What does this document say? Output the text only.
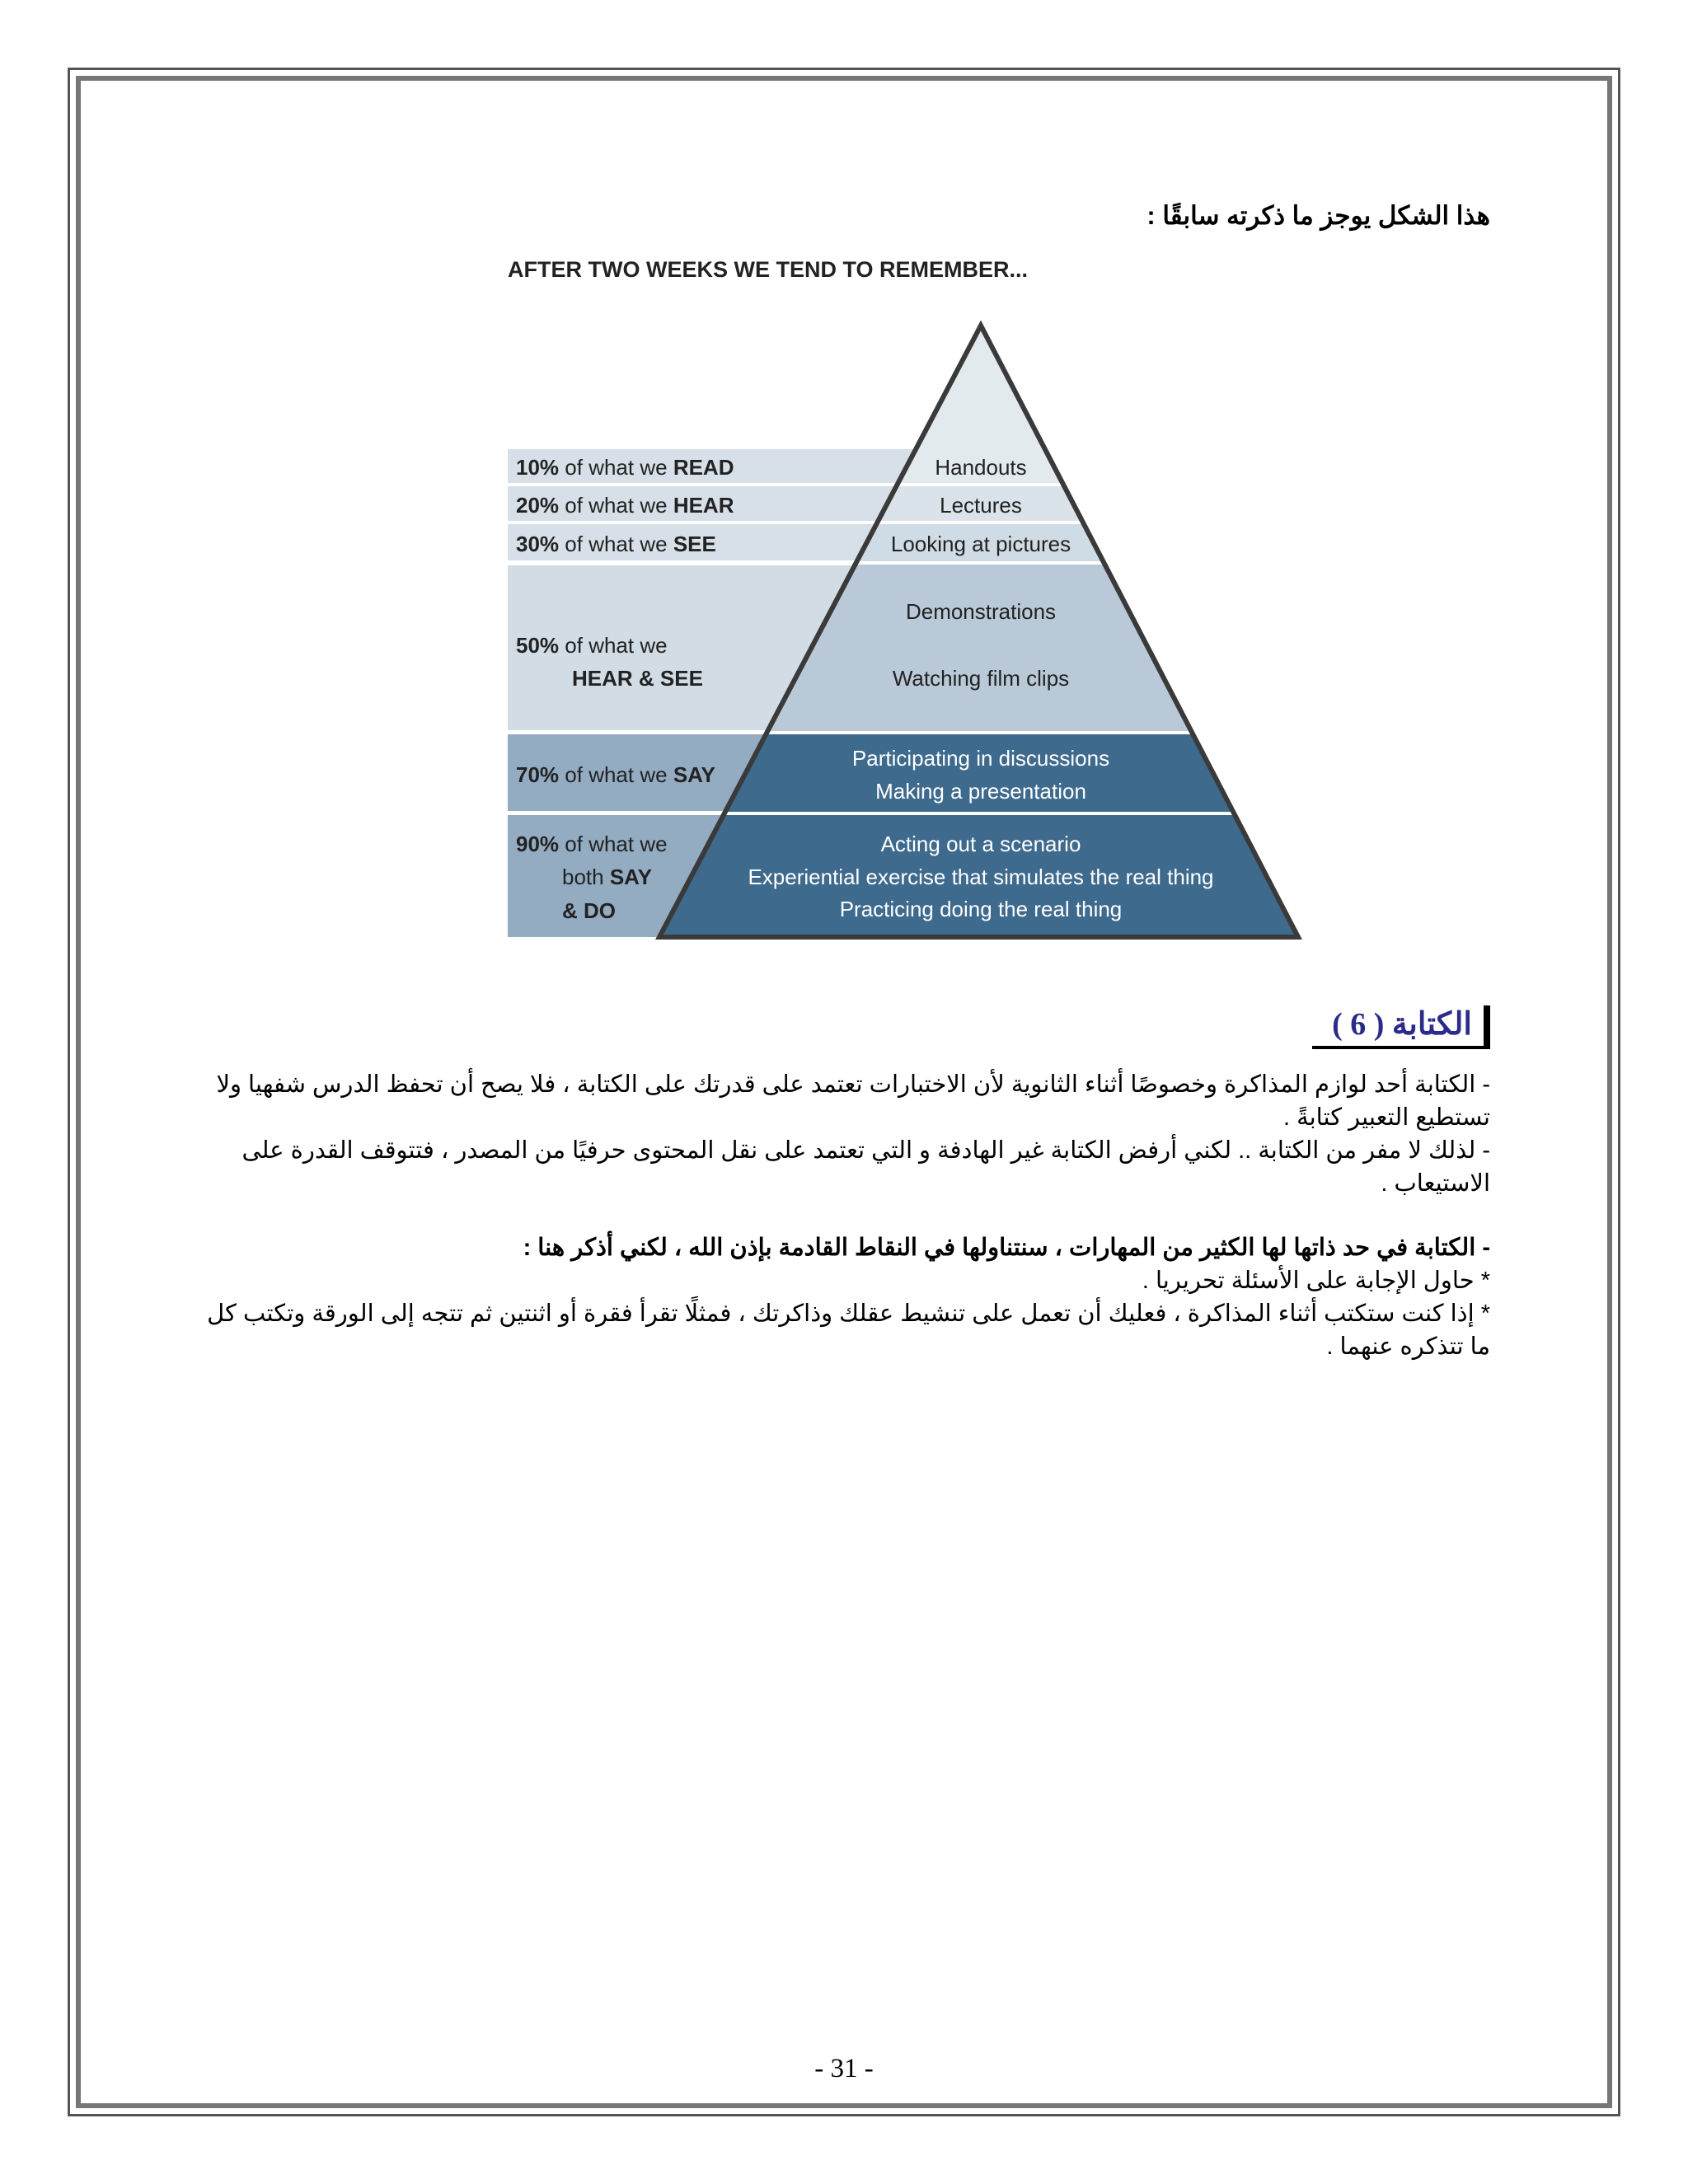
هذا الشكل يوجز ما ذكرته سابقًا :
AFTER TWO WEEKS WE TEND TO REMEMBER...
10% of what we READ
20% of what we HEAR
30% of what we SEE
50% of what we
HEAR & SEE
70% of what we SAY
90% of what we
both SAY
& DO
Handouts
Lectures
Looking at pictures
Demonstrations
Watching film clips
Participating in discussions
Making a presentation
Acting out a scenario
Experiential exercise that simulates the real thing
Practicing doing the real thing
الكتابة ( 6 )

- الكتابة أحد لوازم المذاكرة وخصوصًا أثناء الثانوية لأن الاختبارات تعتمد على قدرتك على الكتابة ، فلا يصح أن تحفظ الدرس شفهيا ولا تستطيع التعبير كتابةً .

- لذلك لا مفر من الكتابة .. لكني أرفض الكتابة غير الهادفة و التي تعتمد على نقل المحتوى حرفيًا من المصدر ، فتتوقف القدرة على الاستيعاب .

- الكتابة في حد ذاتها لها الكثير من المهارات ، سنتناولها في النقاط القادمة بإذن الله ، لكني أذكر هنا :

* حاول الإجابة على الأسئلة تحريريا .

* إذا كنت ستكتب أثناء المذاكرة ، فعليك أن تعمل على تنشيط عقلك وذاكرتك ، فمثلًا تقرأ فقرة أو اثنتين ثم تتجه إلى الورقة وتكتب كل ما تتذكره عنهما .

- 31 -
